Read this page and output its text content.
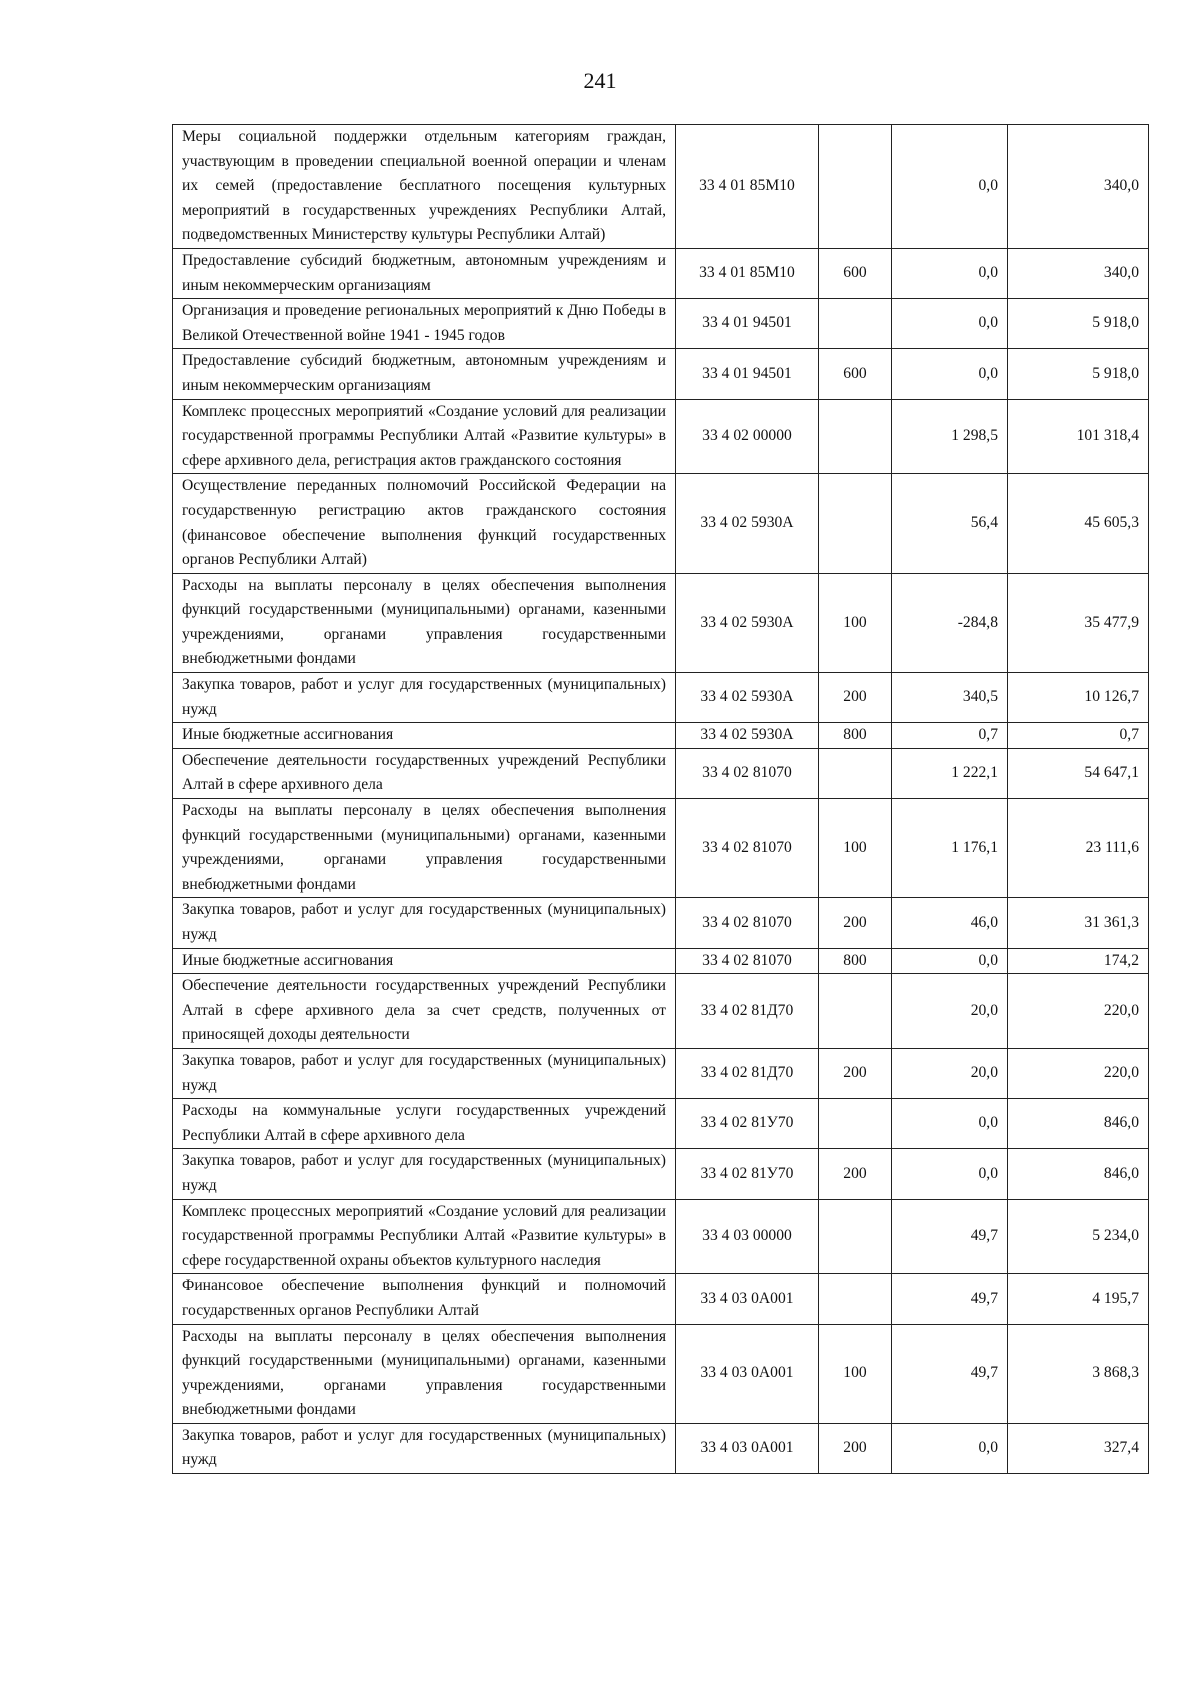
241
Меры социальной поддержки отдельным категориям граждан, участвующим в проведении специальной военной операции и членам их семей (предоставление бесплатного посещения культурных мероприятий в государственных учреждениях Республики Алтай, подведомственных Министерству культуры Республики Алтай)	33 4 01 85М10		0,0	340,0
Предоставление субсидий бюджетным, автономным учреждениям и иным некоммерческим организациям	33 4 01 85М10	600	0,0	340,0
Организация и проведение региональных мероприятий к Дню Победы в Великой Отечественной войне 1941 - 1945 годов	33 4 01 94501		0,0	5 918,0
Предоставление субсидий бюджетным, автономным учреждениям и иным некоммерческим организациям	33 4 01 94501	600	0,0	5 918,0
Комплекс процессных мероприятий «Создание условий для реализации государственной программы Республики Алтай «Развитие культуры» в сфере архивного дела, регистрация актов гражданского состояния	33 4 02 00000		1 298,5	101 318,4
Осуществление переданных полномочий Российской Федерации на государственную регистрацию актов гражданского состояния (финансовое обеспечение выполнения функций государственных органов Республики Алтай)	33 4 02 5930А		56,4	45 605,3
Расходы на выплаты персоналу в целях обеспечения выполнения функций государственными (муниципальными) органами, казенными учреждениями, органами управления государственными внебюджетными фондами	33 4 02 5930А	100	-284,8	35 477,9
Закупка товаров, работ и услуг для государственных (муниципальных) нужд	33 4 02 5930А	200	340,5	10 126,7
Иные бюджетные ассигнования	33 4 02 5930А	800	0,7	0,7
Обеспечение деятельности государственных учреждений Республики Алтай в сфере архивного дела	33 4 02 81070		1 222,1	54 647,1
Расходы на выплаты персоналу в целях обеспечения выполнения функций государственными (муниципальными) органами, казенными учреждениями, органами управления государственными внебюджетными фондами	33 4 02 81070	100	1 176,1	23 111,6
Закупка товаров, работ и услуг для государственных (муниципальных) нужд	33 4 02 81070	200	46,0	31 361,3
Иные бюджетные ассигнования	33 4 02 81070	800	0,0	174,2
Обеспечение деятельности государственных учреждений Республики Алтай в сфере архивного дела за счет средств, полученных от приносящей доходы деятельности	33 4 02 81Д70		20,0	220,0
Закупка товаров, работ и услуг для государственных (муниципальных) нужд	33 4 02 81Д70	200	20,0	220,0
Расходы на коммунальные услуги государственных учреждений Республики Алтай в сфере архивного дела	33 4 02 81У70		0,0	846,0
Закупка товаров, работ и услуг для государственных (муниципальных) нужд	33 4 02 81У70	200	0,0	846,0
Комплекс процессных мероприятий «Создание условий для реализации государственной программы Республики Алтай «Развитие культуры» в сфере государственной охраны объектов культурного наследия	33 4 03 00000		49,7	5 234,0
Финансовое обеспечение выполнения функций и полномочий государственных органов Республики Алтай	33 4 03 0А001		49,7	4 195,7
Расходы на выплаты персоналу в целях обеспечения выполнения функций государственными (муниципальными) органами, казенными учреждениями, органами управления государственными внебюджетными фондами	33 4 03 0А001	100	49,7	3 868,3
Закупка товаров, работ и услуг для государственных (муниципальных) нужд	33 4 03 0А001	200	0,0	327,4
